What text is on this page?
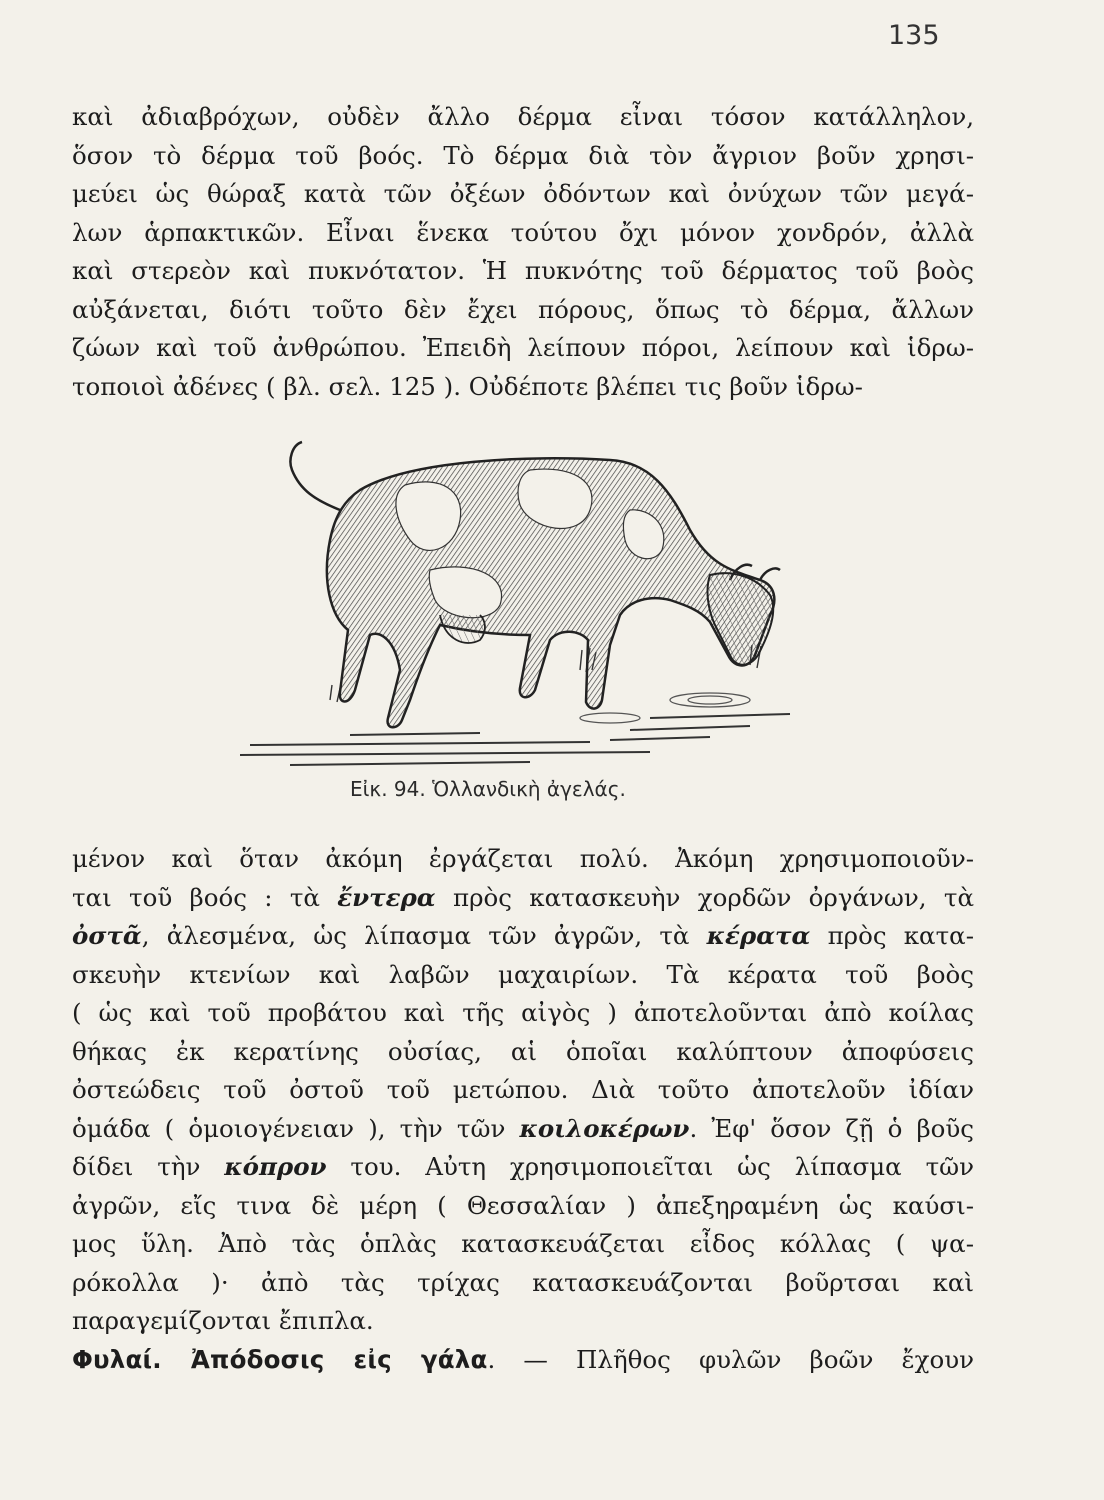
135
καὶ ἀδιαβρόχων, οὐδὲν ἄλλο δέρμα εἶναι τόσον κατάλληλον,
ὅσον τὸ δέρμα τοῦ βοός. Τὸ δέρμα διὰ τὸν ἄγριον βοῦν χρησι-
μεύει ὡς θώραξ κατὰ τῶν ὀξέων ὀδόντων καὶ ὀνύχων τῶν μεγά-
λων ἁρπακτικῶν. Εἶναι ἕνεκα τούτου ὄχι μόνον χονδρόν, ἀλλὰ
καὶ στερεὸν καὶ πυκνότατον. Ἡ πυκνότης τοῦ δέρματος τοῦ βοὸς
αὐξάνεται, διότι τοῦτο δὲν ἔχει πόρους, ὅπως τὸ δέρμα, ἄλλων
ζώων καὶ τοῦ ἀνθρώπου. Ἐπειδὴ λείπουν πόροι, λείπουν καὶ ἱδρω-
τοποιοὶ ἀδένες ( βλ. σελ. 125 ). Οὐδέποτε βλέπει τις βοῦν ἱδρω-
Εἰκ. 94. Ὁλλανδικὴ ἀγελάς.
μένον καὶ ὅταν ἀκόμη ἐργάζεται πολύ. Ἀκόμη χρησιμοποιοῦν-
ται τοῦ βοός : τὰ ἔντερα πρὸς κατασκευὴν χορδῶν ὀργάνων, τὰ
ὀστᾶ, ἀλεσμένα, ὡς λίπασμα τῶν ἀγρῶν, τὰ κέρατα πρὸς κατα-
σκευὴν κτενίων καὶ λαβῶν μαχαιρίων. Τὰ κέρατα τοῦ βοὸς
( ὡς καὶ τοῦ προβάτου καὶ τῆς αἰγὸς ) ἀποτελοῦνται ἀπὸ κοίλας
θήκας ἐκ κερατίνης οὐσίας, αἱ ὁποῖαι καλύπτουν ἀποφύσεις
ὀστεώδεις τοῦ ὀστοῦ τοῦ μετώπου. Διὰ τοῦτο ἀποτελοῦν ἰδίαν
ὁμάδα ( ὁμοιογένειαν ), τὴν τῶν κοιλοκέρων. Ἐφ' ὅσον ζῇ ὁ βοῦς
δίδει τὴν κόπρον του. Αὐτη χρησιμοποιεῖται ὡς λίπασμα τῶν
ἀγρῶν, εἴς τινα δὲ μέρη ( Θεσσαλίαν ) ἀπεξηραμένη ὡς καύσι-
μος ὕλη. Ἀπὸ τὰς ὁπλὰς κατασκευάζεται εἶδος κόλλας ( ψα-
ρόκολλα )· ἀπὸ τὰς τρίχας κατασκευάζονται βοῦρτσαι καὶ
παραγεμίζονται ἔπιπλα.
Φυλαί. Ἀπόδοσις εἰς γάλα. — Πλῆθος φυλῶν βοῶν ἔχουν
